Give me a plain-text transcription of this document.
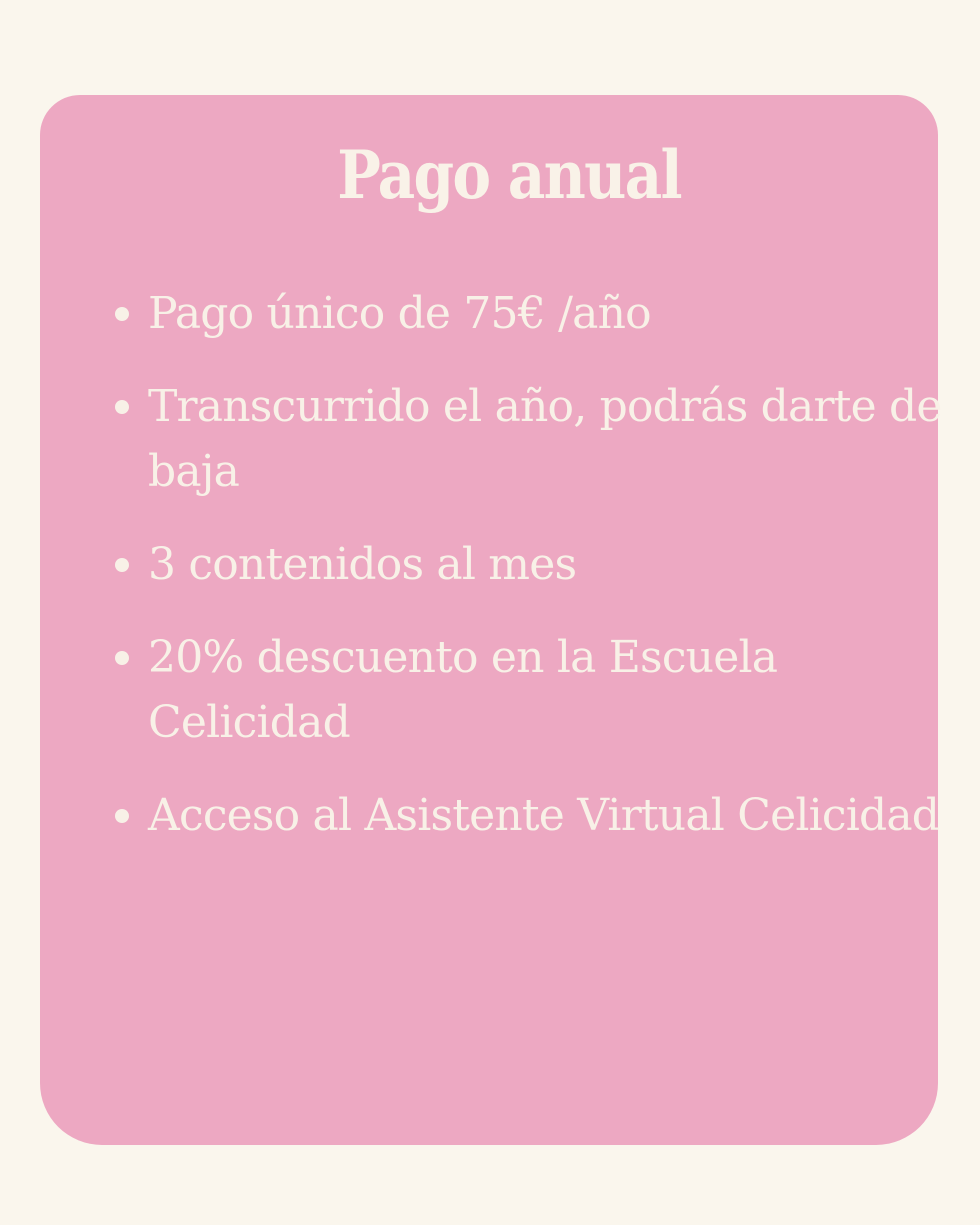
Pago anual
Pago único de 75€ /año
Transcurrido el año, podrás darte de
baja
3 contenidos al mes
20% descuento en la Escuela
Celicidad
Acceso al Asistente Virtual Celicidad
